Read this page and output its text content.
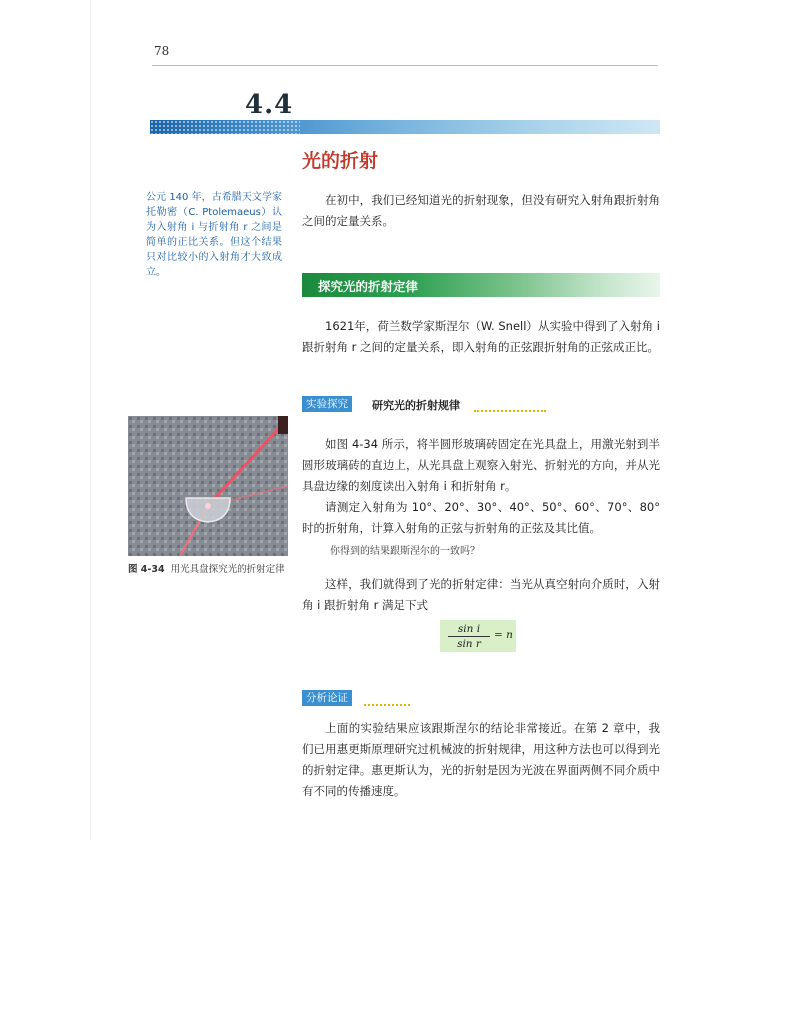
78
4.4
光的折射
公元 140 年，古希腊天文学家托勒密（C. Ptolemaeus）认为入射角 i 与折射角 r 之间是简单的正比关系。但这个结果只对比较小的入射角才大致成立。
在初中，我们已经知道光的折射现象，但没有研究入射角跟折射角之间的定量关系。
探究光的折射定律
1621年，荷兰数学家斯涅尔（W. Snell）从实验中得到了入射角 i 跟折射角 r 之间的定量关系，即入射角的正弦跟折射角的正弦成正比。
实验探究	研究光的折射规律
图 4-34 用光具盘探究光的折射定律
如图 4-34 所示，将半圆形玻璃砖固定在光具盘上，用激光射到半圆形玻璃砖的直边上，从光具盘上观察入射光、折射光的方向，并从光具盘边缘的刻度读出入射角 i 和折射角 r。
请测定入射角为 10°、20°、30°、40°、50°、60°、70°、80°时的折射角，计算入射角的正弦与折射角的正弦及其比值。
你得到的结果跟斯涅尔的一致吗？
这样，我们就得到了光的折射定律：当光从真空射向介质时，入射角 i 跟折射角 r 满足下式
$\frac{\text{sin i}}{\text{sin r}} = n$
分析论证
上面的实验结果应该跟斯涅尔的结论非常接近。在第 2 章中，我们已用惠更斯原理研究过机械波的折射规律，用这种方法也可以得到光的折射定律。惠更斯认为，光的折射是因为光波在界面两侧不同介质中有不同的传播速度。
